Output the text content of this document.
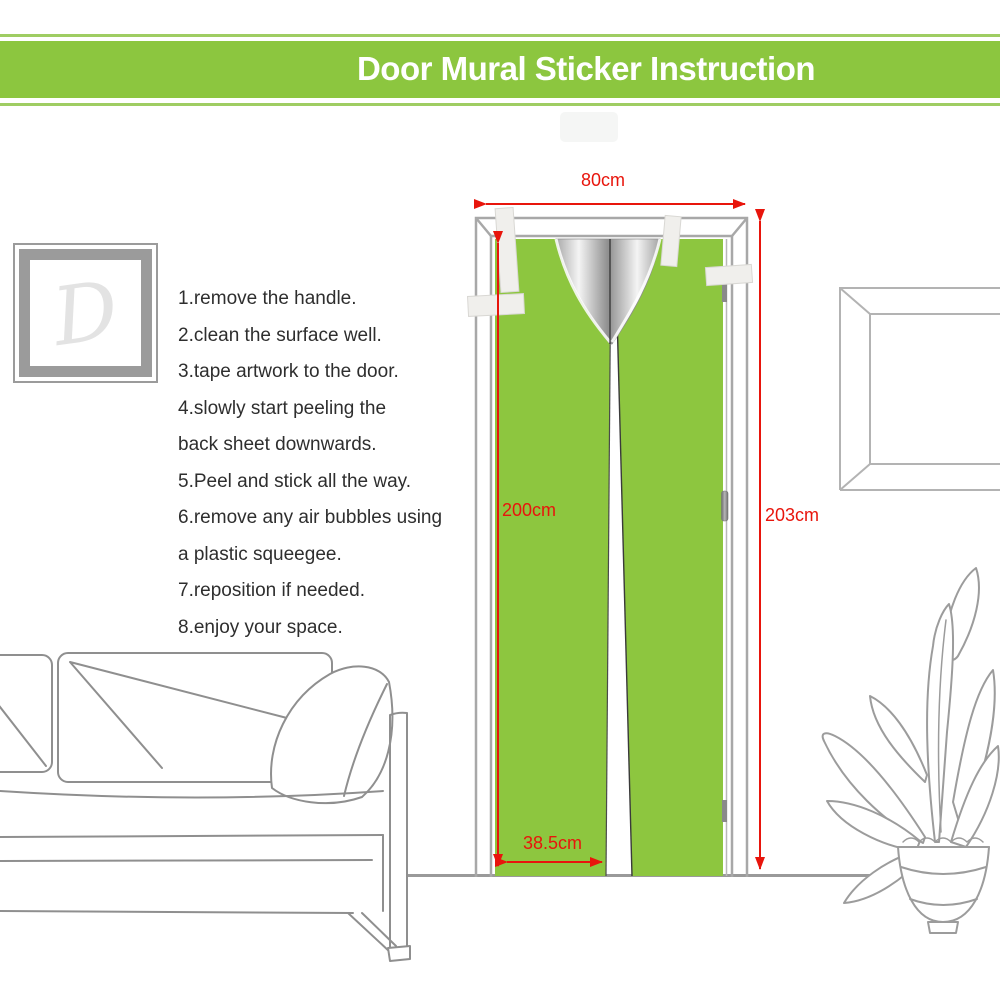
Door Mural Sticker Instruction
D	1.remove the handle.
2.clean the surface well.
3.tape artwork to the door.
4.slowly start peeling the
back sheet downwards.
5.Peel and stick all the way.
6.remove any air bubbles using
a plastic squeegee.
7.reposition if needed.
8.enjoy your space.
80cm
200cm	203cm
38.5cm
